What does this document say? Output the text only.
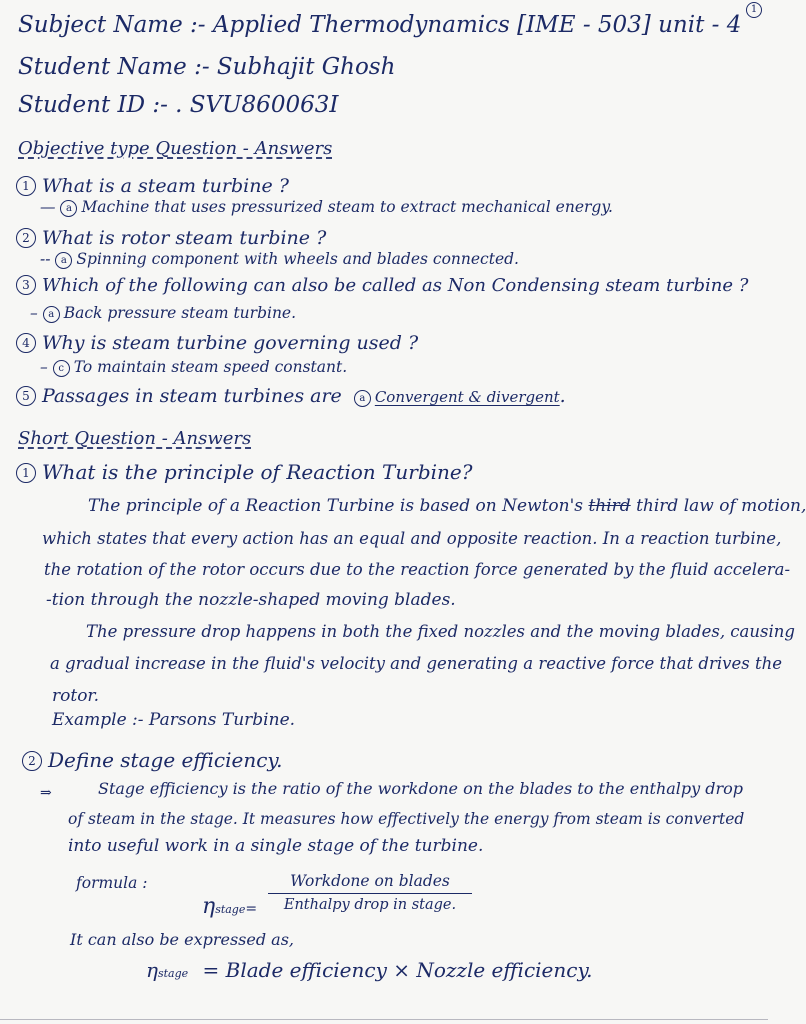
1
Subject Name :- Applied Thermodynamics [IME - 503] unit - 4
Student Name :- Subhajit Ghosh
Student ID :- . SVU860063I
Objective type Question - Answers
1 What is a steam turbine ?
— a Machine that uses pressurized steam to extract mechanical energy.
2 What is rotor steam turbine ?
-- a Spinning component with wheels and blades connected.
3 Which of the following can also be called as Non Condensing steam turbine ?
– a Back pressure steam turbine.
4 Why is steam turbine governing used ?
– c To maintain steam speed constant.
5 Passages in steam turbines are a Convergent & divergent.
Short Question - Answers
1 What is the principle of Reaction Turbine?
The principle of a Reaction Turbine is based on Newton's third third law of motion,
which states that every action has an equal and opposite reaction. In a reaction turbine,
the rotation of the rotor occurs due to the reaction force generated by the fluid accelera-
-tion through the nozzle-shaped moving blades.
The pressure drop happens in both the fixed nozzles and the moving blades, causing
a gradual increase in the fluid's velocity and generating a reactive force that drives the
rotor.
Example :- Parsons Turbine.
2 Define stage efficiency.
⇒	Stage efficiency is the ratio of the workdone on the blades to the enthalpy drop
of steam in the stage. It measures how effectively the energy from steam is converted
into useful work in a single stage of the turbine.
formula :
ηstage=
Workdone on blades
Enthalpy drop in stage.
It can also be expressed as,
ηstage = Blade efficiency × Nozzle efficiency.
